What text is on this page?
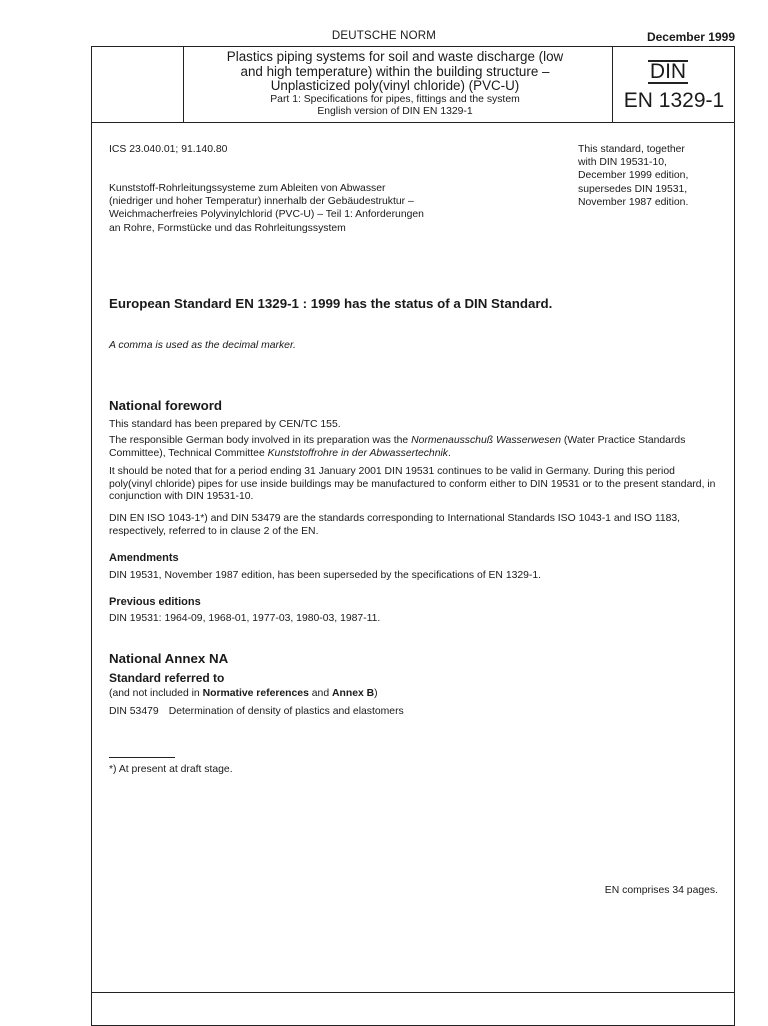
DEUTSCHE NORM	December 1999
Plastics piping systems for soil and waste discharge (low
and high temperature) within the building structure –
Unplasticized poly(vinyl chloride) (PVC-U)
Part 1: Specifications for pipes, fittings and the system
English version of DIN EN 1329-1
DIN
EN 1329-1
ICS 23.040.01; 91.140.80	This standard, together
with DIN 19531-10,
December 1999 edition,
supersedes DIN 19531,
November 1987 edition.
Kunststoff-Rohrleitungssysteme zum Ableiten von Abwasser
(niedriger und hoher Temperatur) innerhalb der Gebäudestruktur –
Weichmacherfreies Polyvinylchlorid (PVC-U) – Teil 1: Anforderungen
an Rohre, Formstücke und das Rohrleitungssystem
European Standard EN 1329-1 : 1999 has the status of a DIN Standard.
A comma is used as the decimal marker.
National foreword
This standard has been prepared by CEN/TC 155.
The responsible German body involved in its preparation was the Normenausschuß Wasserwesen (Water Practice Standards Committee), Technical Committee Kunststoffrohre in der Abwassertechnik.
It should be noted that for a period ending 31 January 2001 DIN 19531 continues to be valid in Germany. During this period poly(vinyl chloride) pipes for use inside buildings may be manufactured to conform either to DIN 19531 or to the present standard, in conjunction with DIN 19531-10.
DIN EN ISO 1043-1*) and DIN 53479 are the standards corresponding to International Standards ISO 1043-1 and ISO 1183, respectively, referred to in clause 2 of the EN.
Amendments
DIN 19531, November 1987 edition, has been superseded by the specifications of EN 1329-1.
Previous editions
DIN 19531: 1964-09, 1968-01, 1977-03, 1980-03, 1987-11.
National Annex NA
Standard referred to
(and not included in Normative references and Annex B)
DIN 53479 Determination of density of plastics and elastomers
*) At present at draft stage.
EN comprises 34 pages.
